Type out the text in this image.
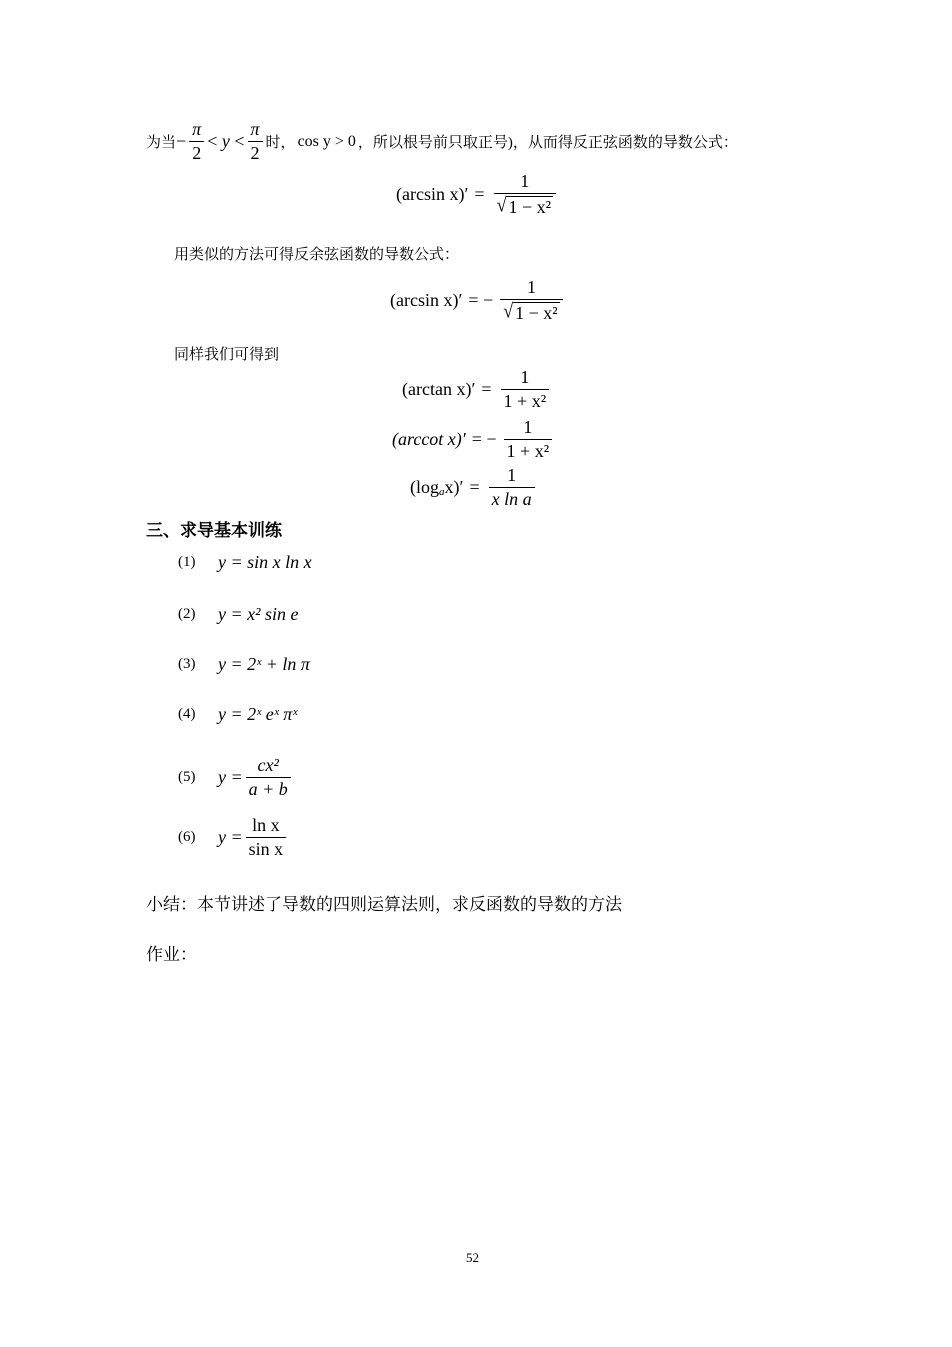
为当 − $\frac{\pi}{2} < y < \frac{\pi}{2}$ 时， cos y > 0 ，所以根号前只取正号)，从而得反正弦函数的导数公式：
(arcsin $x)' = \frac{1}{\text{√ 1 − x²}}$
用类似的方法可得反余弦函数的导数公式：
(arcsin x)′ = − $\frac{1}{\text{√ 1 − x²}}$
同样我们可得到
(arctan $x)' = \frac{1}{\text{1 + x²}}$
(arccot x)′ = − $\frac{1}{\text{1 + x²}}$
($\log_a$ $x)' = \frac{1}{\text{x ln a}}$
三、求导基本训练
(1)	y = sin x ln x
(2)	y = x² sin e
(3)	y = 2ˣ + ln π
(4)	y = 2ˣ eˣ πˣ
(5)	$y = \frac{\text{cx²}}{a + b}$
(6)	$y = \frac{\text{ln x}}{\text{sin x}}$
小结：本节讲述了导数的四则运算法则，求反函数的导数的方法
作业：
52
